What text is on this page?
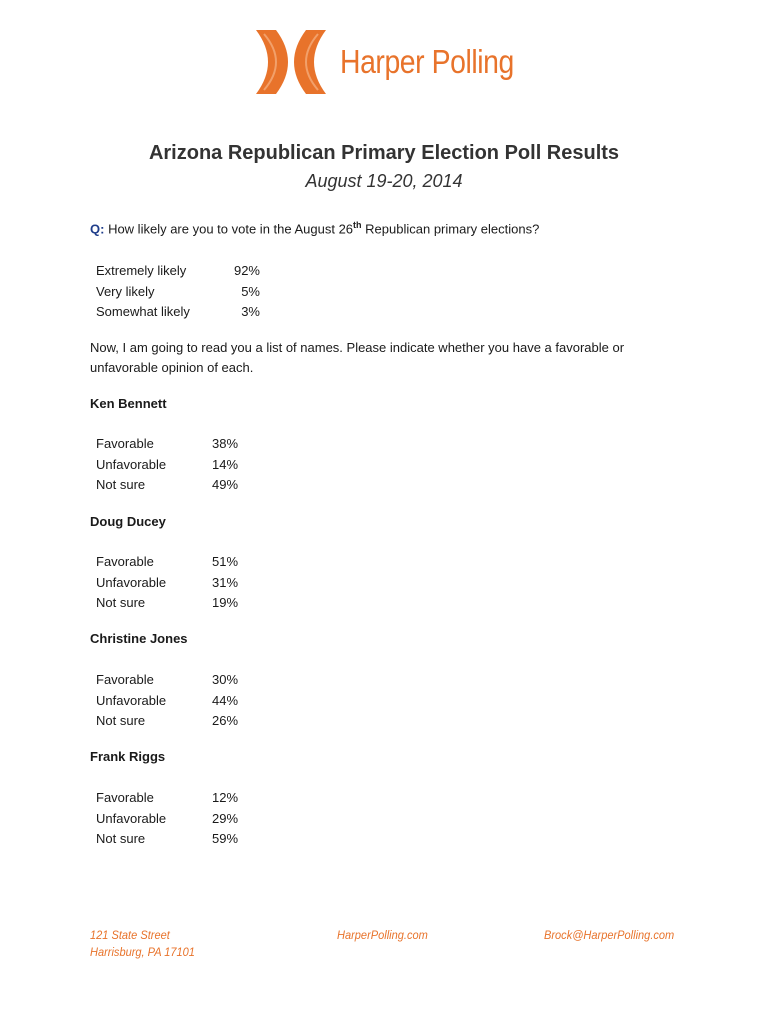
Harper Polling
Arizona Republican Primary Election Poll Results
August 19-20, 2014
Q: How likely are you to vote in the August 26th Republican primary elections?
Extremely likely	92%
Very likely	5%
Somewhat likely	3%
Now, I am going to read you a list of names. Please indicate whether you have a favorable or unfavorable opinion of each.
Ken Bennett
Favorable	38%
Unfavorable	14%
Not sure	49%
Doug Ducey
Favorable	51%
Unfavorable	31%
Not sure	19%
Christine Jones
Favorable	30%
Unfavorable	44%
Not sure	26%
Frank Riggs
Favorable	12%
Unfavorable	29%
Not sure	59%
121 State Street
Harrisburg, PA 17101
HarperPolling.com	Brock@HarperPolling.com
